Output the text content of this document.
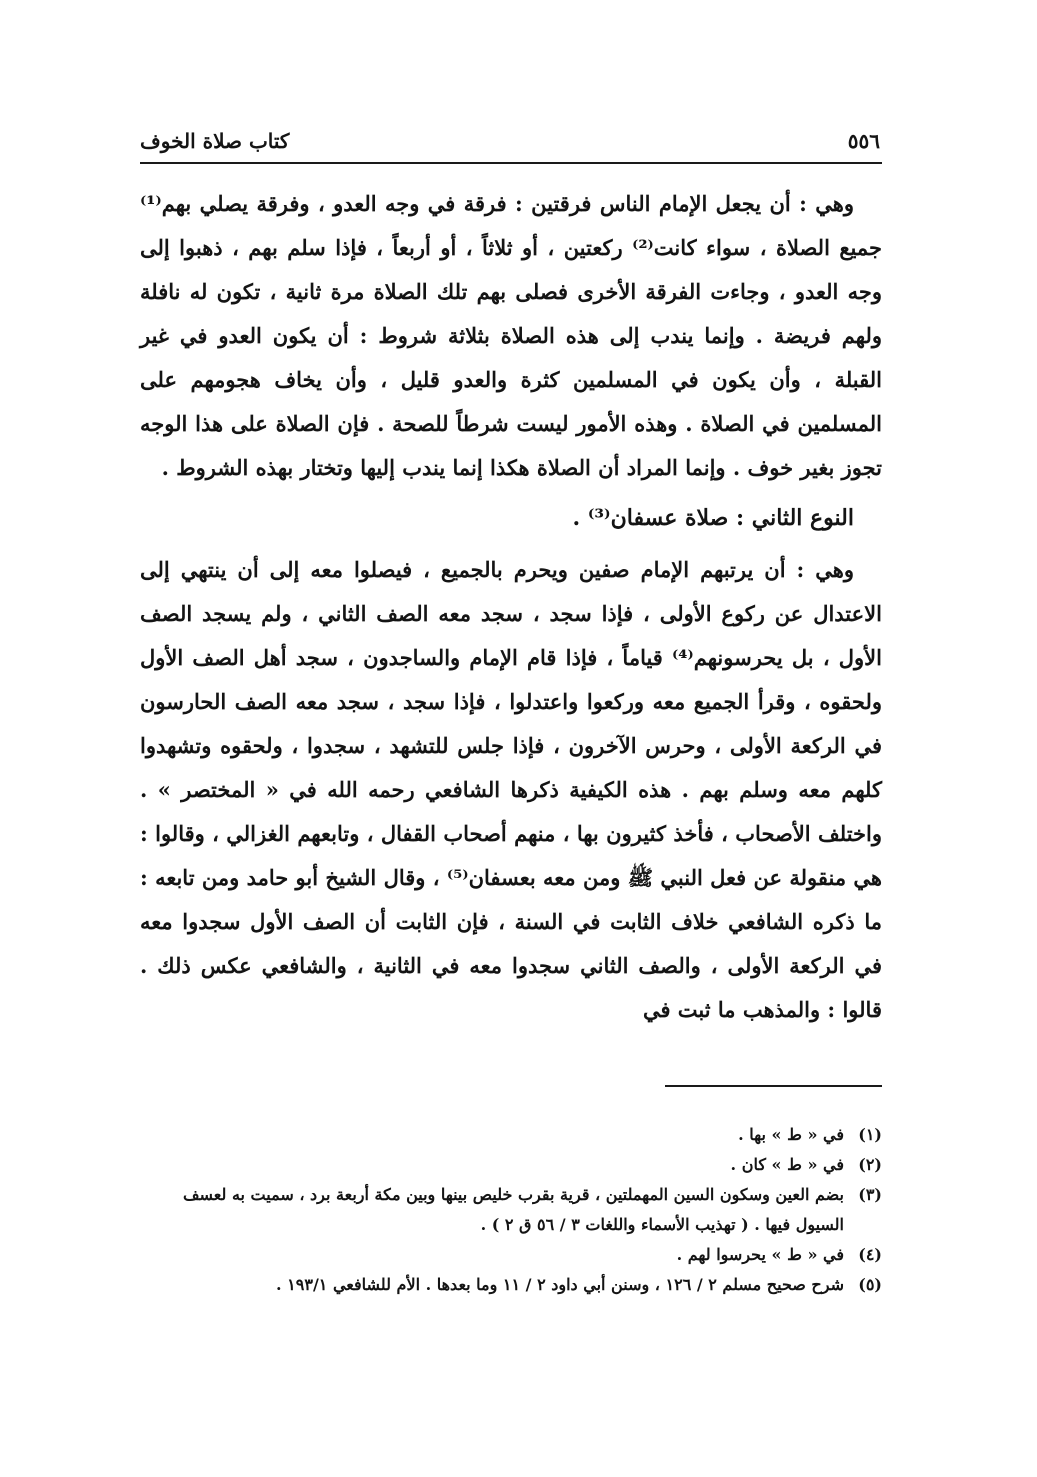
٥٥٦
كتاب صلاة الخوف

وهي : أن يجعل الإمام الناس فرقتين : فرقة في وجه العدو ، وفرقة يصلي بهم⁽¹⁾ جميع الصلاة ، سواء كانت⁽²⁾ ركعتين ، أو ثلاثاً ، أو أربعاً ، فإذا سلم بهم ، ذهبوا إلى وجه العدو ، وجاءت الفرقة الأخرى فصلى بهم تلك الصلاة مرة ثانية ، تكون له نافلة ولهم فريضة . وإنما يندب إلى هذه الصلاة بثلاثة شروط : أن يكون العدو في غير القبلة ، وأن يكون في المسلمين كثرة والعدو قليل ، وأن يخاف هجومهم على المسلمين في الصلاة . وهذه الأمور ليست شرطاً للصحة . فإن الصلاة على هذا الوجه تجوز بغير خوف . وإنما المراد أن الصلاة هكذا إنما يندب إليها وتختار بهذه الشروط .

النوع الثاني : صلاة عسفان⁽³⁾ .

وهي : أن يرتبهم الإمام صفين ويحرم بالجميع ، فيصلوا معه إلى أن ينتهي إلى الاعتدال عن ركوع الأولى ، فإذا سجد ، سجد معه الصف الثاني ، ولم يسجد الصف الأول ، بل يحرسونهم⁽⁴⁾ قياماً ، فإذا قام الإمام والساجدون ، سجد أهل الصف الأول ولحقوه ، وقرأ الجميع معه وركعوا واعتدلوا ، فإذا سجد ، سجد معه الصف الحارسون في الركعة الأولى ، وحرس الآخرون ، فإذا جلس للتشهد ، سجدوا ، ولحقوه وتشهدوا كلهم معه وسلم بهم . هذه الكيفية ذكرها الشافعي رحمه الله في « المختصر » . واختلف الأصحاب ، فأخذ كثيرون بها ، منهم أصحاب القفال ، وتابعهم الغزالي ، وقالوا : هي منقولة عن فعل النبي ﷺ ومن معه بعسفان⁽⁵⁾ ، وقال الشيخ أبو حامد ومن تابعه : ما ذكره الشافعي خلاف الثابت في السنة ، فإن الثابت أن الصف الأول سجدوا معه في الركعة الأولى ، والصف الثاني سجدوا معه في الثانية ، والشافعي عكس ذلك . قالوا : والمذهب ما ثبت في

(١)
في « ط » بها .
(٢)
في « ط » كان .
(٣)
بضم العين وسكون السين المهملتين ، قرية بقرب خليص بينها وبين مكة أربعة برد ، سميت به لعسف السيول فيها . ( تهذيب الأسماء واللغات ٣ / ٥٦ ق ٢ ) .
(٤)
في « ط » يحرسوا لهم .
(٥)
شرح صحيح مسلم ٢ / ١٢٦ ، وسنن أبي داود ٢ / ١١ وما بعدها . الأم للشافعي ١٩٣/١ .
